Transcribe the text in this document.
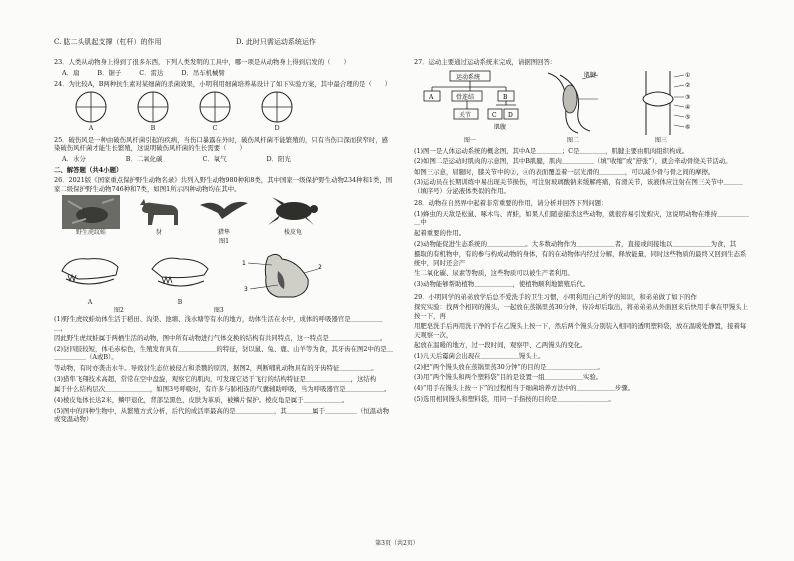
C. 肱二头肌起支撑（杠杆）的作用	D. 此时只需运动系统运作

23．人类从动物身上得到了很多东西，下列人类发明的工具中，哪一项是从动物身上得到启发的（　　）

A．扇	B．锯子	C．雷达	D．吊车机械臂

24．为比较A，B两种抗生素对某细菌的杀菌效果，小明利用细菌培养基设计了如下实验方案，其中最合理的是（　　）

A	B	C	D

25．破伤风是一种由破伤风杆菌引起的疾病，当伤口暴露在外时，破伤风杆菌不能繁殖的，只有当伤口深而狭窄时，感染破伤风杆菌才能生长繁殖，这说明破伤风杆菌的生长需要（　　）

A．水分	B．二氧化碳	C．氧气	D．阳光

二、解答题（共4小题）

26．2021版《国家重点保护野生动物名录》共列入野生动物980种和8类，其中国家一级保护野生动物234种和1类，国家二级保护野生动物746种和7类，如图1所示四种动物均在其中。

野生虎纹蛙	豺	猎隼	棱皮龟
图1
A	B
1
2
3
图2	图3

(1)野生虎纹蛙幼体生活于稻田、沟渠、池塘、浅水塘等有水的地方，幼体生活在水中，成体的呼吸器官是＿＿＿＿＿＿，

因此野生虎纹蛙属于两栖生活的动物，图中所有动物进行气体交换的结构有共同特点，这一特点是＿＿＿＿＿＿＿＿。

(2)豺四肢较短，体毛赤棕色，生殖发育具有＿＿＿＿＿＿的特征，豺以鼠、兔、鹿、山羊等为食，其牙齿在图2中的是＿＿＿＿＿＿（A或B）。

等动物，有时亦袭击水牛。导致豺生态位被侵占和杀戮的原因，据图2，判断哺乳动物具有的牙齿特征＿＿＿＿＿。

(3)猎隼飞翔技术高超，常常在空中盘旋，观察它的肌肉，可发现它适于飞行的结构特征是＿＿＿＿＿＿＿，这结构

属于什么结构层次＿＿＿＿＿＿＿，如图3号呼吸时，有许多与肺相连的气囊辅助呼吸，当为呼吸器官是＿＿＿＿＿＿。

(4)棱皮龟体长达2米，鳞甲退化，背部呈黑色，皮肤为革质，被鳞片保护。棱皮龟是属于＿＿＿＿＿＿。

(5)图中的四种生物中，从繁殖方式分析，后代的成活率最高的是＿＿＿＿＿＿，其＿＿＿＿属于＿＿＿＿＿（恒温动物或变温动物）

27．运动主要通过运动系统来完成，请据图回答：

运动系统
A	骨连结	B
关节	C D
肌腹
图一
肌腱
图二
①
②
③
④
⑤
⑥
图三

(1)图一是人体运动系统的概念图，其中A是＿＿＿＿；C是＿＿＿＿，肌腱主要由肌肉组织构成。

(2)如图二是运动时肌肉的示意图，其中B肌腱，肌肉＿＿＿＿＿（填“收缩”或“舒张”），就会牵动骨绕关节活动。

如图三示意，屈腿时，膝关节中的②，④的表面覆盖着一层光滑的＿＿＿＿，可以减少骨与骨之间的摩擦。

(3)运动员在长期训练中易出现关节损伤，可注射玻璃酸钠来缓解疼痛，有滑关节，该液体应注射在图三关节中＿＿＿（填序号）分泌液体类似的作用。

28．动物在自然界中起着非常重要的作用，请分析并回答下列问题：

(1)蜂虫的天敌是松鼠、啄木鸟、青蛙，如果人们随意捕杀这些动物，就很容易引发蝗灾，这说明动物在维持＿＿＿＿＿＿中

起着重要的作用。

(2)动物能促进生态系统的＿＿＿＿＿＿。大多数动物作为＿＿＿＿＿＿者，直接或间接地以＿＿＿＿＿＿为食，其

摄取的有机物中，有的参与构成动物的身体，有的在动物体内经过分解，释放能量，同时这些物质的最终又回到生态系统中，同时还会产

生二氧化碳、尿素等物质，这些物质可以被生产者利用。

(3)动物能够帮助植物＿＿＿＿＿＿，使植物顺利地繁殖后代。

29．小明同学的弟弟放学后总不爱洗手的卫生习惯，小明利用自己所学的知识，和弟弟做了如下的作

探究实验：找两个相同的馒头，一起放在蒸锅里蒸30分钟，待冷却后取出，将弟弟弟从外面回来后快用手拿在甲馒头上按一下，再

用肥皂洗手后再用洗干净的手在乙馒头上按一下，然后两个馒头分别装入相同的透明塑料袋，放在温暖处静置，接着每天观察一次，

起放在温暖的地方，过一段时间，观察甲、乙两馒头的变化。

(1)儿天后霉菌会出现在＿＿＿＿＿＿馒头上。

(2)把“两个馒头放在蒸锅里蒸30分钟”的目的是＿＿＿＿＿＿＿＿。

(3)用“两个馒头和两个塑料袋”目的是设置一组＿＿＿＿＿＿实验。

(4)“用手在馒头上按一下”的过程相当于细菌培养方法中的＿＿＿＿＿＿步骤。

(5)选用相同馒头和塑料袋，用同一手指按的目的是＿＿＿＿＿＿＿＿。

第3页（共2页）
